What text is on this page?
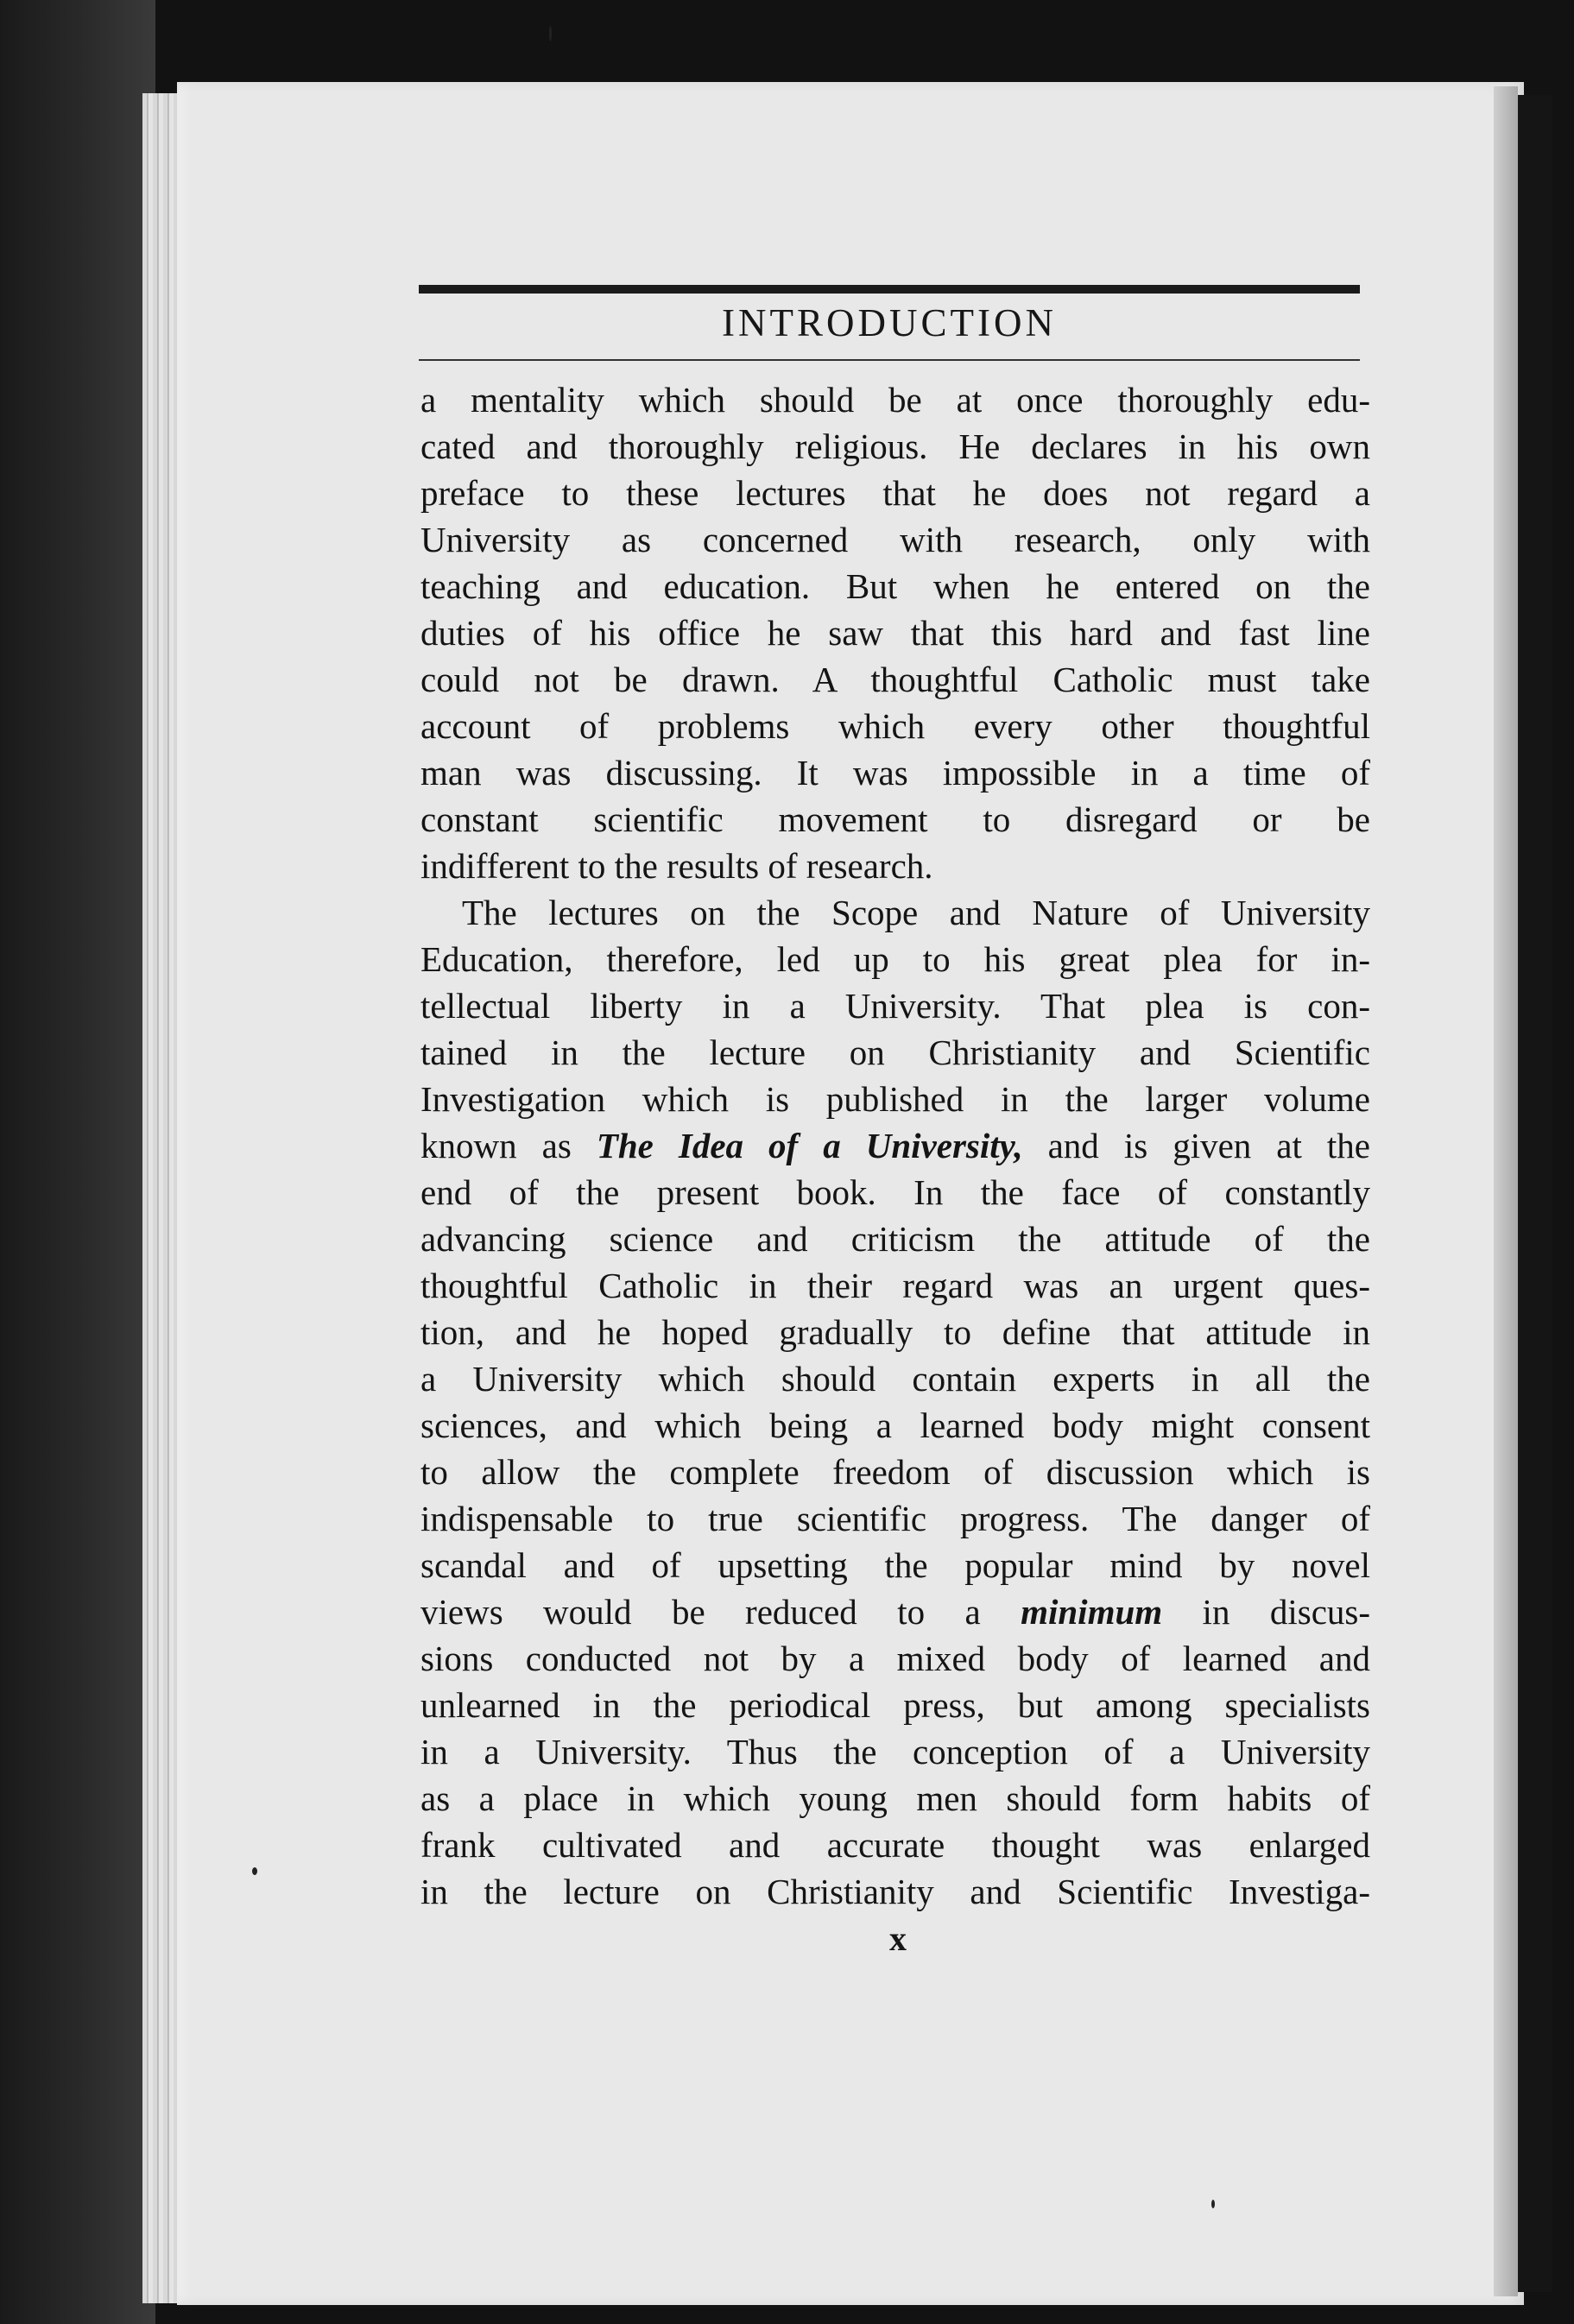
INTRODUCTION
a mentality which should be at once thoroughly edu-
cated and thoroughly religious. He declares in his own
preface to these lectures that he does not regard a
University as concerned with research, only with
teaching and education. But when he entered on the
duties of his office he saw that this hard and fast line
could not be drawn. A thoughtful Catholic must take
account of problems which every other thoughtful
man was discussing. It was impossible in a time of
constant scientific movement to disregard or be
indifferent to the results of research.
The lectures on the Scope and Nature of University
Education, therefore, led up to his great plea for in-
tellectual liberty in a University. That plea is con-
tained in the lecture on Christianity and Scientific
Investigation which is published in the larger volume
known as The Idea of a University, and is given at the
end of the present book. In the face of constantly
advancing science and criticism the attitude of the
thoughtful Catholic in their regard was an urgent ques-
tion, and he hoped gradually to define that attitude in
a University which should contain experts in all the
sciences, and which being a learned body might consent
to allow the complete freedom of discussion which is
indispensable to true scientific progress. The danger of
scandal and of upsetting the popular mind by novel
views would be reduced to a minimum in discus-
sions conducted not by a mixed body of learned and
unlearned in the periodical press, but among specialists
in a University. Thus the conception of a University
as a place in which young men should form habits of
frank cultivated and accurate thought was enlarged
in the lecture on Christianity and Scientific Investiga-
x
